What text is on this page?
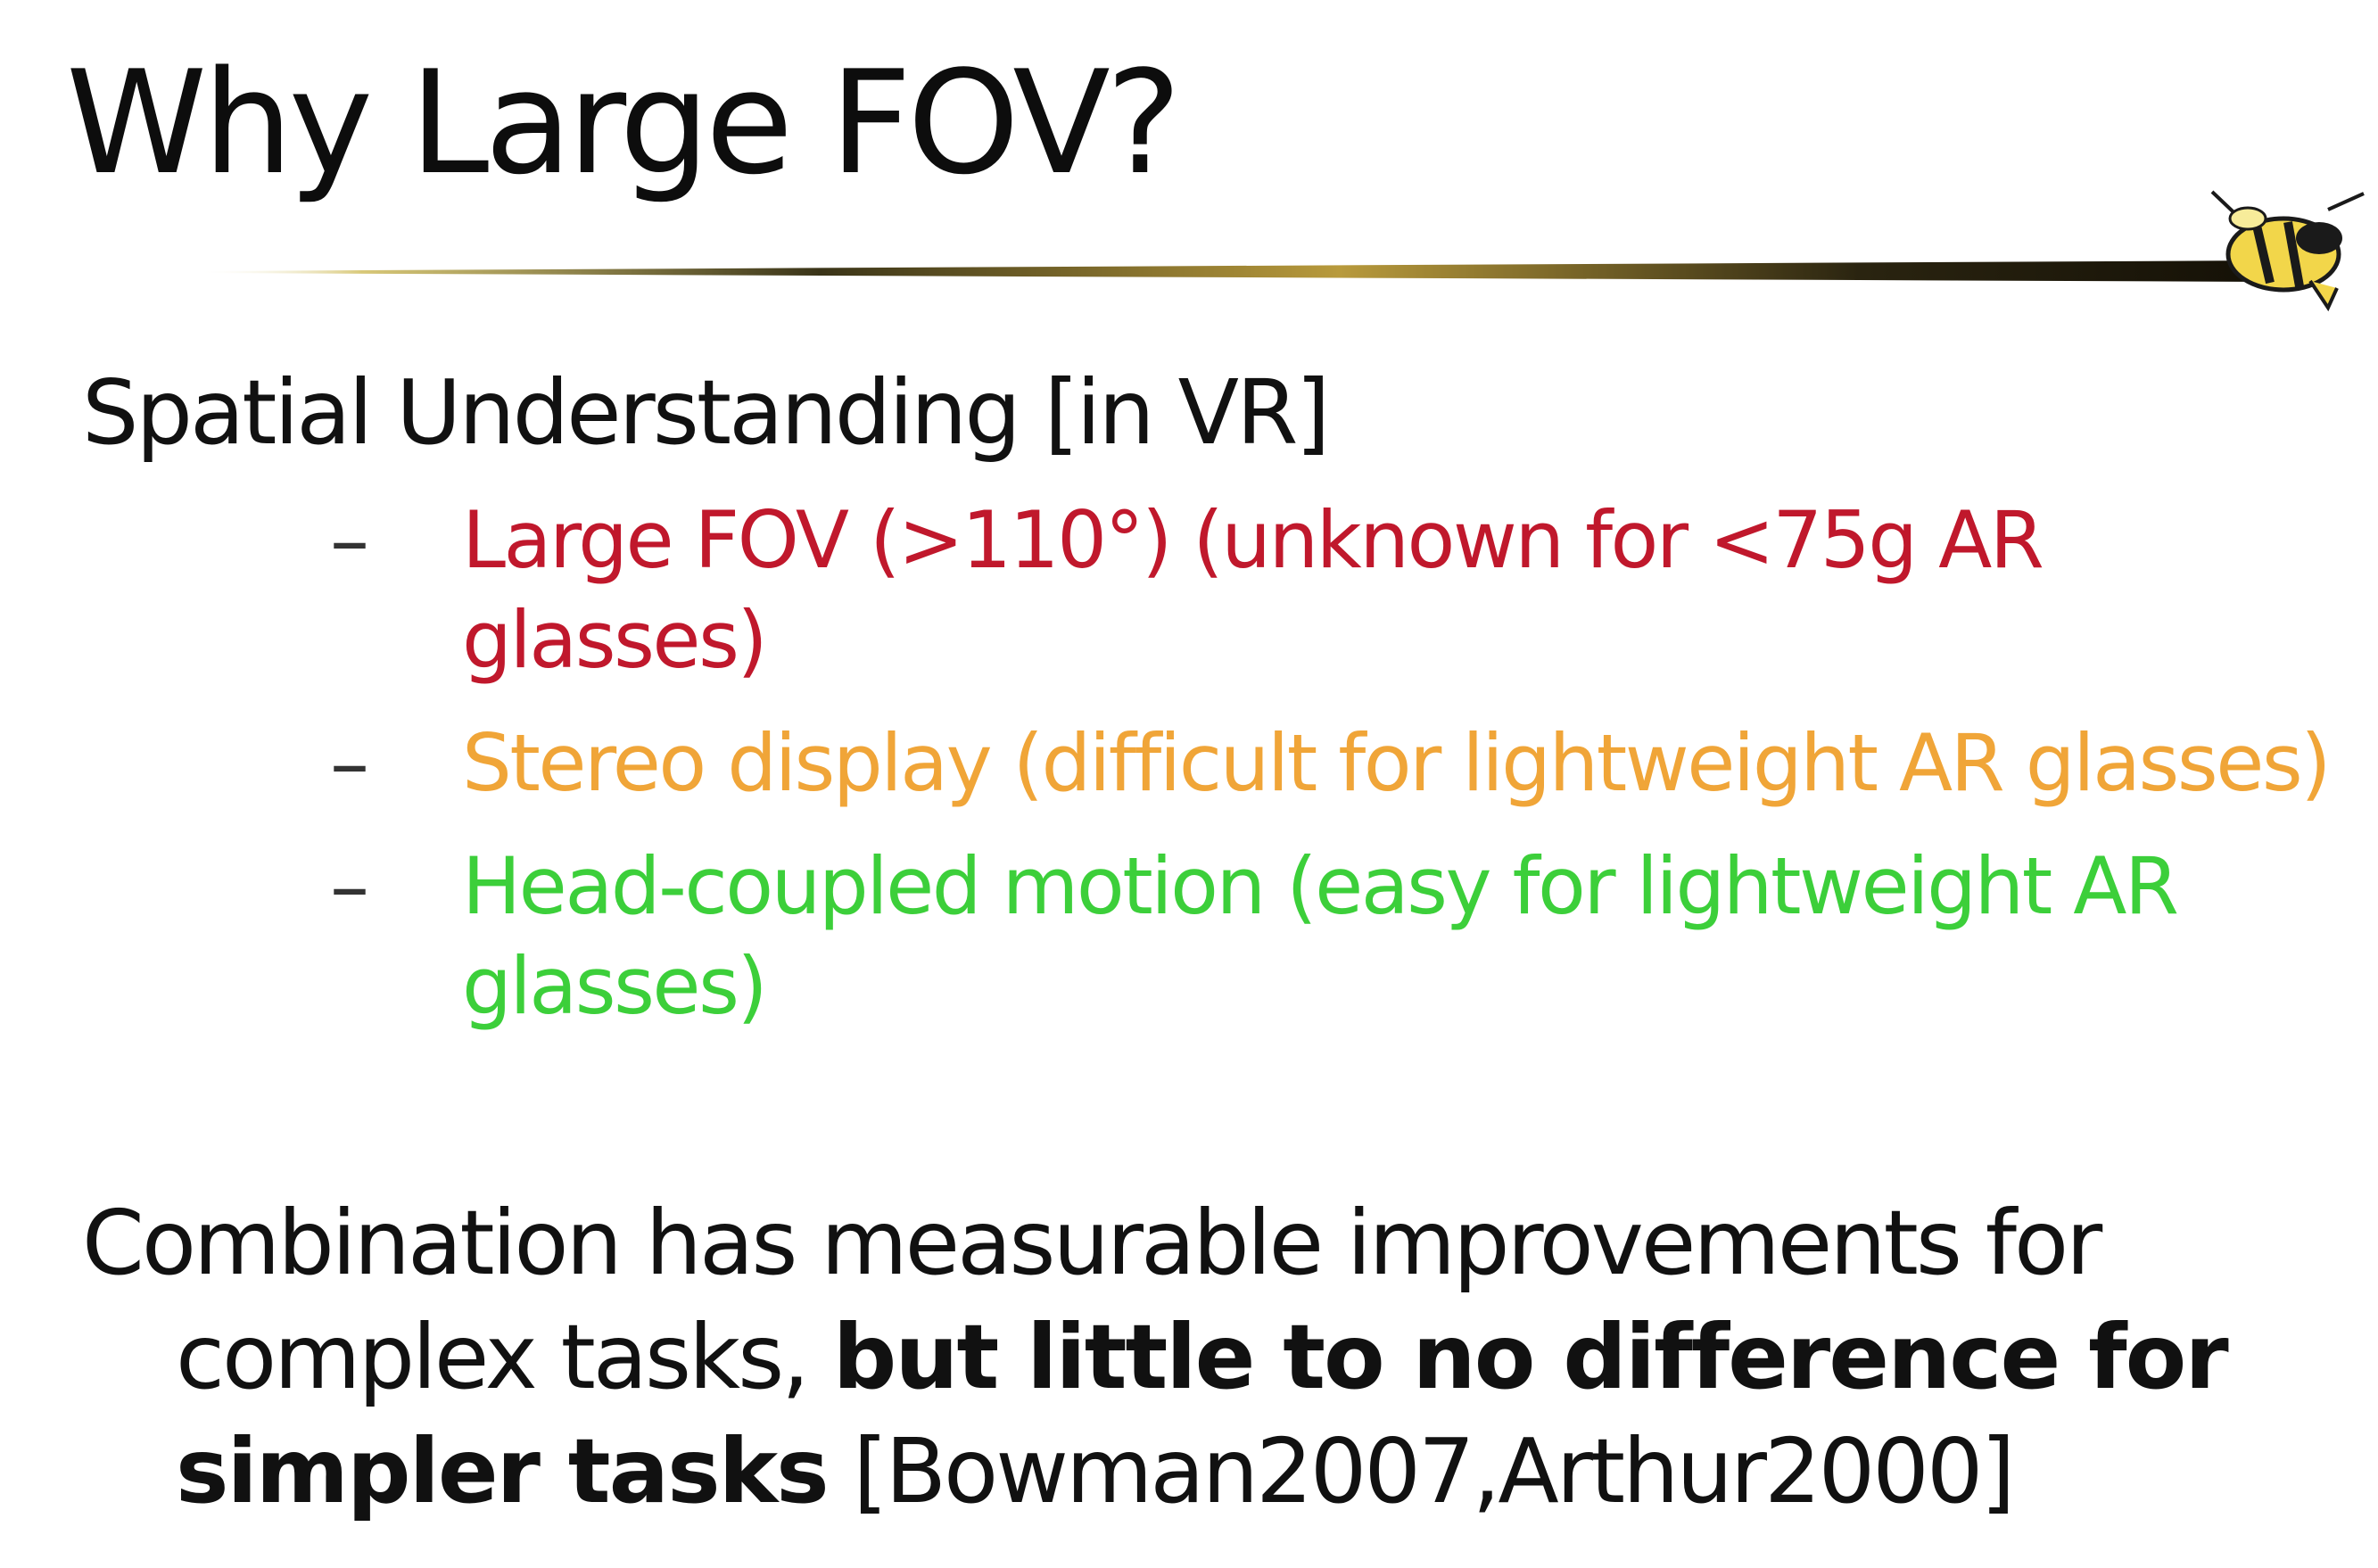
Why Large FOV?
Spatial Understanding [in VR]
– Large FOV (>110°) (unknown for <75g AR glasses)
– Stereo display (difficult for lightweight AR glasses)
– Head-coupled motion (easy for lightweight AR glasses)
Combination has measurable improvements for
complex tasks, but little to no difference for simpler tasks [Bowman2007,Arthur2000]
